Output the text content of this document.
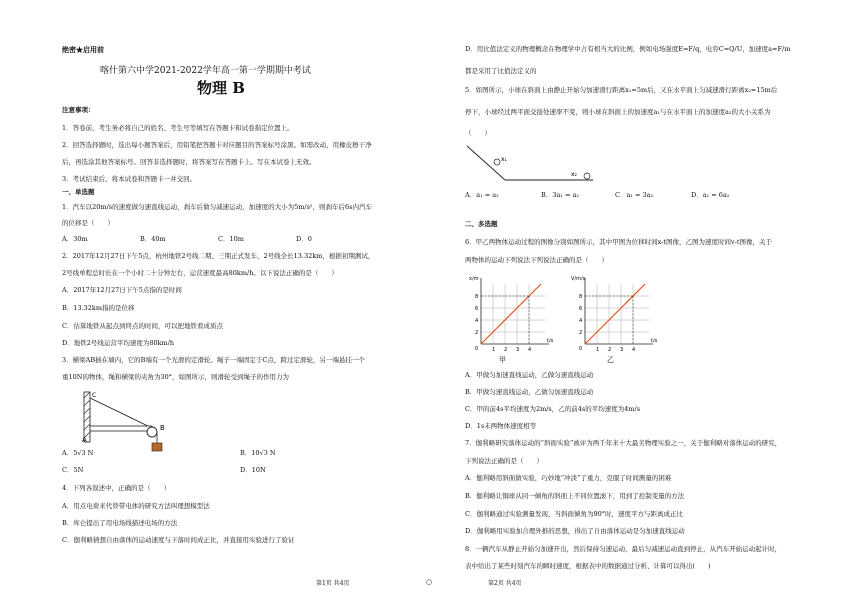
绝密★启用前
喀什第六中学2021-2022学年高一第一学期期中考试
物理 B
注意事项：
1．答卷前，考生务必将自己的姓名、考生号等填写在答题卡和试卷指定位置上。
2．回答选择题时，选出每小题答案后，用铅笔把答题卡对应题目的答案标号涂黑。如需改动，用橡皮擦干净
后，再选涂其他答案标号。回答非选择题时，将答案写在答题卡上。写在本试卷上无效。
3．考试结束后，将本试卷和答题卡一并交回。
一、单选题
1．汽车以20m/s的速度做匀速直线运动，刹车后做匀减速运动，加速度的大小为5m/s²，则刹车后6s内汽车
的位移是（　　）
A．30m	B．40m	C．10m	D．0
2．2017年12月27日下午5点，杭州地铁2号线二期、三期正式发车，2号线全长13.32km，根据初期测试，
2号线单程总时长在一个小时二十分钟左右，运营速度最高80km/h。以下说法正确的是（　　）
A．2017年12月27日下午5点指的是时间
B．13.32km指的是位移
C．估算地铁从起点到终点的时间，可以把地铁看成质点
D．地铁2号线运营平均速度为80km/h
3．横梁AB插在墙内，它的B端有一个光滑的定滑轮。绳子一端固定于C点，跨过定滑轮，另一端悬挂一个
重10N的物体，绳和横梁的夹角为30°，如图所示，则滑轮受到绳子的作用力为
A
B
C
A．5√3 N	B．10√3 N
C．5N	D．10N
4．下列各叙述中，正确的是（　　）
A．用点电荷来代替带电体的研究方法叫理想模型法
B．库仑提出了用电场线描述电场的方法
C．伽利略猜想自由落体的运动速度与下落时间成正比，并直接用实验进行了验证
第1页 共4页	○
D．用比值法定义的物理概念在物理学中占有相当大的比例，例如电场强度E=F/q，电容C=Q/U，加速度a=F/m
都是采用了比值法定义的
5．如图所示，小球在斜面上由静止开始匀加速滑行距离x₁=5m后，又在水平面上匀减速滑行距离x₂=15m后
停下，小球经过两平面交接处速率不变，则小球在斜面上的加速度a₁与在水平面上的加速度a₂的大小关系为
（　　）
x₁
x₂
A．a₁ = a₂	B．3a₁ = a₂	C．a₁ = 3a₂	D．a₁ = 6a₂
二、多选题
6．甲乙两物体运动过程的图像分别如图所示，其中甲图为位移时间x-t图像，乙图为速度时间v-t图像，关于
两物体的运动下列说法下列说法正确的是（　　）
x/m
t/s
8
6
4
2
0	1 2 3 4
甲
V/m/s
t/s
8
6
4
2
0	1 2 3 4
乙
A．甲做匀加速直线运动，乙做匀速直线运动
B．甲做匀速直线运动，乙做匀加速直线运动
C．甲的前4s平均速度为2m/s，乙的前4s的平均速度为4m/s
D．1s末两物体速度相等
7．伽利略研究落体运动的“斜面实验”被评为两千年来十大最美物理实验之一，关于伽利略对落体运动的研究，
下列说法正确的是（　　）
A．伽利略用斜面做实验，巧妙地“冲淡”了重力，克服了时间测量的困难
B．伽利略让铜球从同一倾角的斜面上不同位置滚下，用到了控制变量的方法
C．伽利略通过实验测量发现，当斜面倾角为90°时，速度平方与距离成正比
D．伽利略用实验加合理外推的思想，得出了自由落体运动是匀加速直线运动
8．一辆汽车从静止开始匀加速开出，然后保持匀速运动，最后匀减速运动直到停止，从汽车开始运动起计时，
表中给出了某些时刻汽车的瞬时速度，根据表中的数据通过分析、计算可以得出(　　)
第2页 共4页
